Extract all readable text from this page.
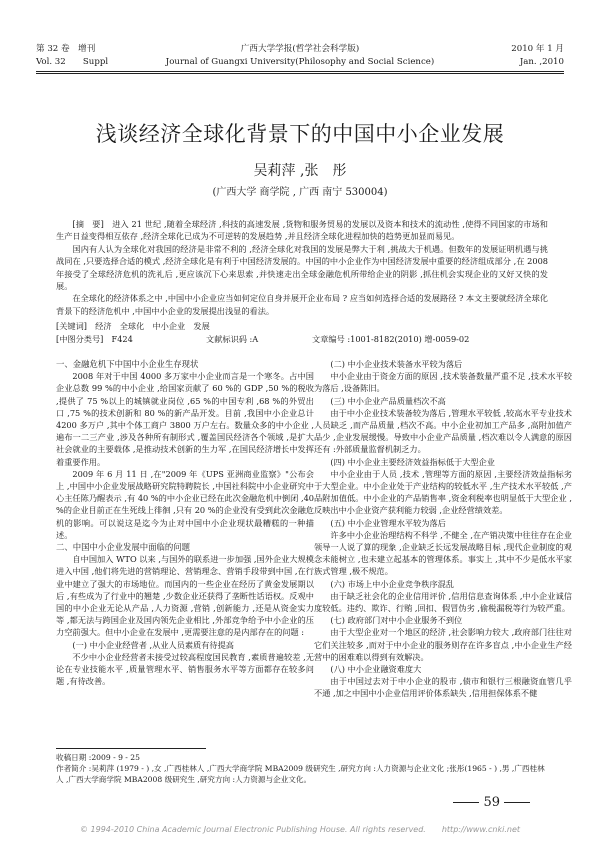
第 32 卷　增刊	广西大学学报(哲学社会科学版)	2010 年 1 月
Vol. 32　　Suppl	Journal of Guangxi University(Philosophy and Social Science)	Jan. ,2010
浅谈经济全球化背景下的中国中小企业发展
吴莉萍 ,张　彤
(广西大学 商学院 , 广西 南宁 530004)

[摘　要]　进入 21 世纪 ,随着全球经济 ,科技的高速发展 ,货物和服务贸易的发展以及资本和技术的流动性 ,使得不同国家的市场和生产日益变得相互依存 ,经济全球化已成为不可逆转的发展趋势 ,并且经济全球化进程加快的趋势更加显而易见。

国内有人认为全球化对我国的经济是非常不利的 ,经济全球化对我国的发展是弊大于利 ,挑战大于机遇。但数年的发展证明机遇与挑战同在 ,只要选择合适的模式 ,经济全球化是有利于中国经济发展的。中国的中小企业作为中国经济发展中重要的经济组成部分 ,在 2008 年接受了全球经济危机的洗礼后 ,更应该沉下心来思索 ,并快速走出全球金融危机所带给企业的阴影 ,抓住机会实现企业的又好又快的发展。

在全球化的经济体系之中 ,中国中小企业应当如何定位自身并展开企业布局 ? 应当如何选择合适的发展路径 ? 本文主要就经济全球化背景下的经济危机中 ,中国中小企业的发展提出浅显的看法。

[关键词]　经济　全球化　中小企业　发展
[中图分类号]　F424	文献标识码 :A	文章编号 :1001-8182(2010) 增-0059-02

一、金融危机下中国中小企业生存现状

2008 年对于中国 4000 多万家中小企业而言是一个寒冬。占中国企业总数 99 %的中小企业 ,给国家贡献了 60 %的 GDP ,50 %的税收 ,提供了 75 %以上的城镇就业岗位 ,65 %的中国专利 ,68 %的外贸出口 ,75 %的技术创新和 80 %的新产品开发。目前 ,我国中小企业总计 4200 多万户 ,其中个体工商户 3800 万户左右。数量众多的中小企业 ,遍布一二三产业 ,涉及各种所有制形式 ,覆盖国民经济各个领域 ,是扩大社会就业的主要载体 ,是推动技术创新的生力军 ,在国民经济增长中发挥着重要作用。

2009 年 6 月 11 日 ,在"2009 年《UPS 亚洲商业监察》"公布会上 ,中国中小企业发展战略研究院特聘院长 ,中国社科院中小企业研究中心主任陈乃醒表示 ,有 40 %的中小企业已经在此次金融危机中倒闭 ,40 %的企业目前正在生死线上徘徊 ,只有 20 %的企业没有受到此次金融危机的影响。可以说这是迄今为止对中国中小企业现状最糟糕的一种描述。

二、中国中小企业发展中面临的问题

自中国加入 WTO 以来 ,与国外的联系进一步加强 ,国外企业大规模进入中国 ,他们将先进的营销理论、营销理念、营销手段带到中国 ,在行业中建立了强大的市场地位。而国内的一些企业在经历了黄金发展期以后 ,有些成为了行业中的翘楚 ,少数企业还获得了垄断性话语权。反观中国的中小企业无论从产品 ,人力资源 ,营销 ,创新能力 ,还是从资金实力等 ,都无法与跨国企业及国内领先企业相比 ,外部竞争给予中小企业的压力空前强大。但中小企业在发展中 ,更需要注意的是内部存在的问题 :

(一) 中小企业经营者 ,从业人员素质有待提高

不少中小企业经营者未接受过较高程度国民教育 ,素质普遍较差 ,无论在专业技能水平 ,质量管理水平、销售服务水平等方面都存在较多问题 ,有待改善。

(二) 中小企业技术装备水平较为落后

中小企业由于资金方面的原因 ,技术装备数量严重不足 ,技术水平较为落后 ,设备陈旧。

(三) 中小企业产品质量档次不高

由于中小企业技术装备较为落后 ,管理水平较低 ,较高水平专业技术人员缺乏 ,而产品质量 ,档次不高。中小企业初加工产品多 ,高附加值产品少 ,企业发展缓慢。导致中小企业产品质量 ,档次难以令人满意的原因还有 :外部质量监督机制乏力。

(四) 中小企业主要经济效益指标低于大型企业

中小企业由于人员 ,技术 ,管理等方面的原因 ,主要经济效益指标劣于大型企业。中小企业处于产业结构的较低水平 ,生产技术水平较低 ,产品附加值低。中小企业的产品销售率 ,资金利税率也明显低于大型企业 ,反映出中小企业资产获利能力较弱 ,企业经营绩效差。

(五) 中小企业管理水平较为落后

许多中小企业治理结构不科学 ,不健全 ,在产销决策中往往存在企业领导一人说了算的现象 ,企业缺乏长远发展战略目标 ,现代企业制度的观念未能树立 ,也未建立起基本的管理体系。事实上 ,其中不少是低水平家族式管理 ,极不规范。

(六) 市场上中小企业竞争秩序混乱

由于缺乏社会化的企业信用评价 ,信用信息查询体系 ,中小企业诚信度较低。违约、欺诈、行贿 ,回扣、假冒伪劣 ,偷税漏税等行为较严重。

(七) 政府部门对中小企业服务不到位

由于大型企业对一个地区的经济 ,社会影响力较大 ,政府部门往往对它们关注较多 ,而对于中小企业的服务则存在许多盲点 ,中小企业生产经营中的困难难以得到有效解决。

(八) 中小企业融资难度大

由于中国过去对于中小企业的股市 ,债市和银行三根融资血管几乎不通 ,加之中国中小企业信用评价体系缺失 ,信用担保体系不健

收稿日期 :2009 - 9 - 25
作者简介 :吴莉萍 (1979 - ) ,女 ,广西桂林人 ,广西大学商学院 MBA2009 级研究生 ,研究方向 :人力资源与企业文化 ;张彤(1965 - ) ,男 ,广西桂林人 ,广西大学商学院 MBA2008 级研究生 ,研究方向 :人力资源与企业文化。
59
© 1994-2010 China Academic Journal Electronic Publishing House. All rights reserved.　　http://www.cnki.net
